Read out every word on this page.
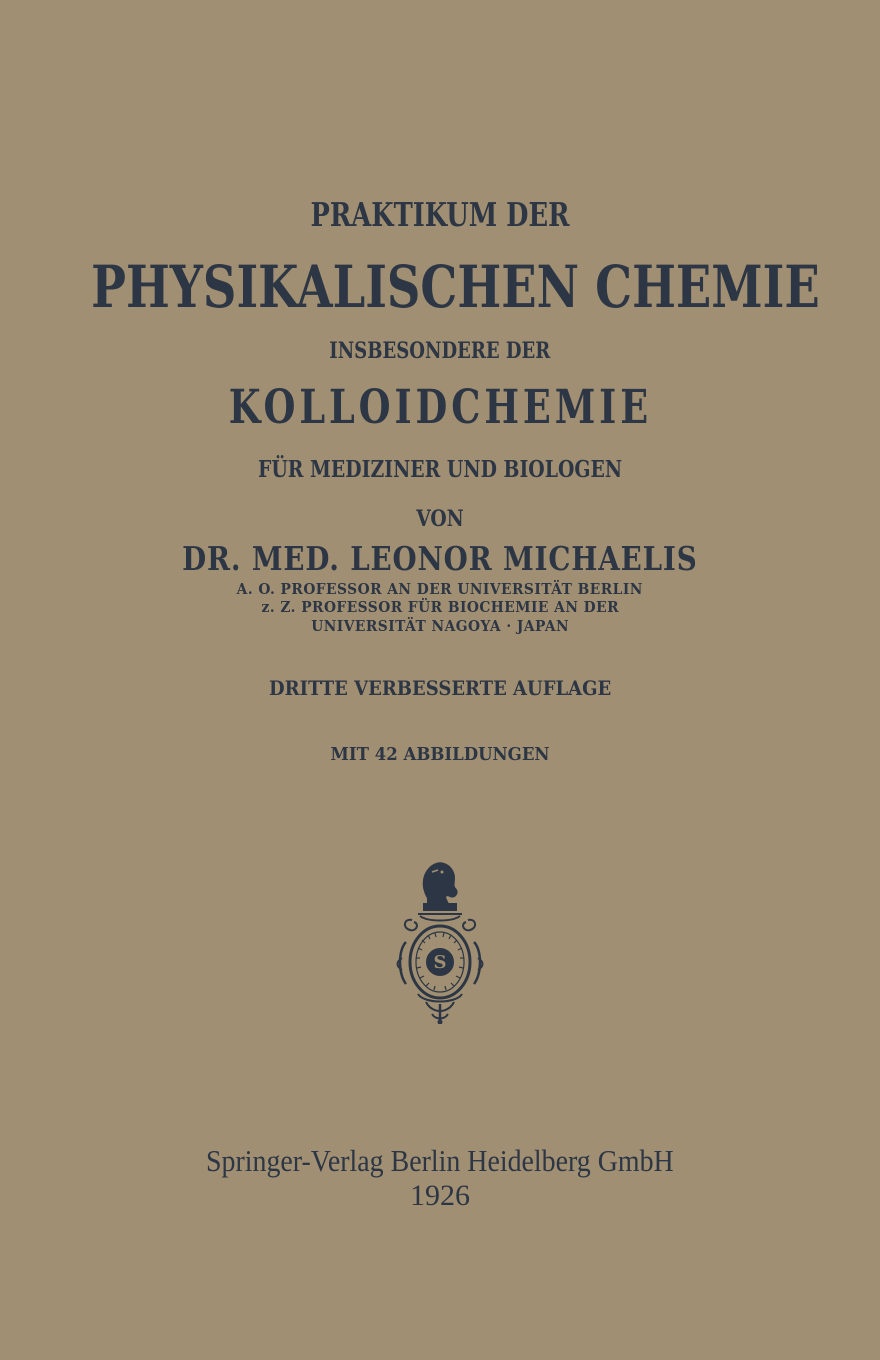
PRAKTIKUM DER
PHYSIKALISCHEN CHEMIE
INSBESONDERE DER
KOLLOIDCHEMIE
FÜR MEDIZINER UND BIOLOGEN
VON
DR. MED. LEONOR MICHAELIS
A. O. PROFESSOR AN DER UNIVERSITÄT BERLIN
z. Z. PROFESSOR FÜR BIOCHEMIE AN DER
UNIVERSITÄT NAGOYA · JAPAN
DRITTE VERBESSERTE AUFLAGE
MIT 42 ABBILDUNGEN
S
Springer-Verlag Berlin Heidelberg GmbH
1926
